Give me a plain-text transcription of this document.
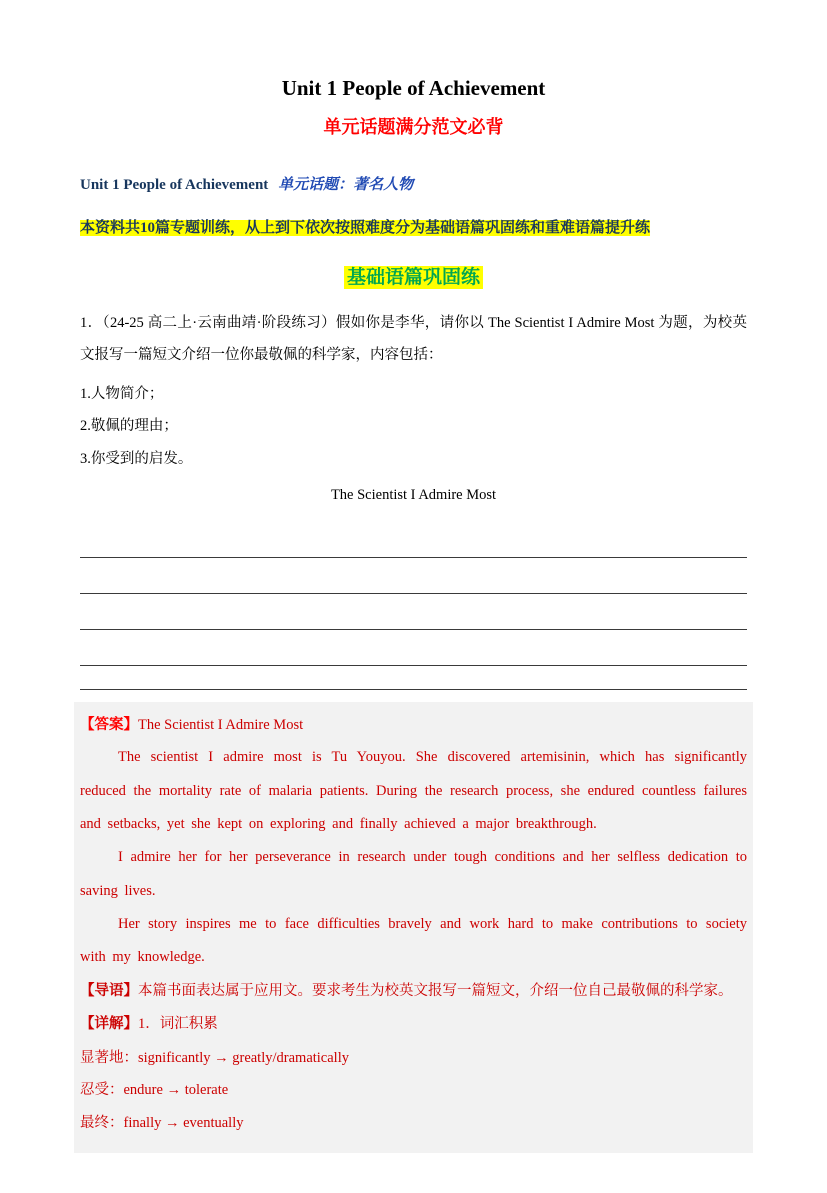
Unit 1 People of Achievement
单元话题满分范文必背

Unit 1 People of Achievement 单元话题：著名人物

本资料共10篇专题训练，从上到下依次按照难度分为基础语篇巩固练和重难语篇提升练

基础语篇巩固练

1．（24-25 高二上·云南曲靖·阶段练习）假如你是李华，请你以 The Scientist I Admire Most 为题，为校英文报写一篇短文介绍一位你最敬佩的科学家，内容包括：

1.人物简介；

2.敬佩的理由；

3.你受到的启发。

The Scientist I Admire Most

【答案】The Scientist I Admire Most

The scientist I admire most is Tu Youyou. She discovered artemisinin, which has significantly reduced the mortality rate of malaria patients. During the research process, she endured countless failures and setbacks, yet she kept on exploring and finally achieved a major breakthrough.

I admire her for her perseverance in research under tough conditions and her selfless dedication to saving lives.

Her story inspires me to face difficulties bravely and work hard to make contributions to society with my knowledge.

【导语】本篇书面表达属于应用文。要求考生为校英文报写一篇短文，介绍一位自己最敬佩的科学家。

【详解】1．词汇积累

显著地：significantly → greatly/dramatically

忍受：endure → tolerate

最终：finally → eventually
